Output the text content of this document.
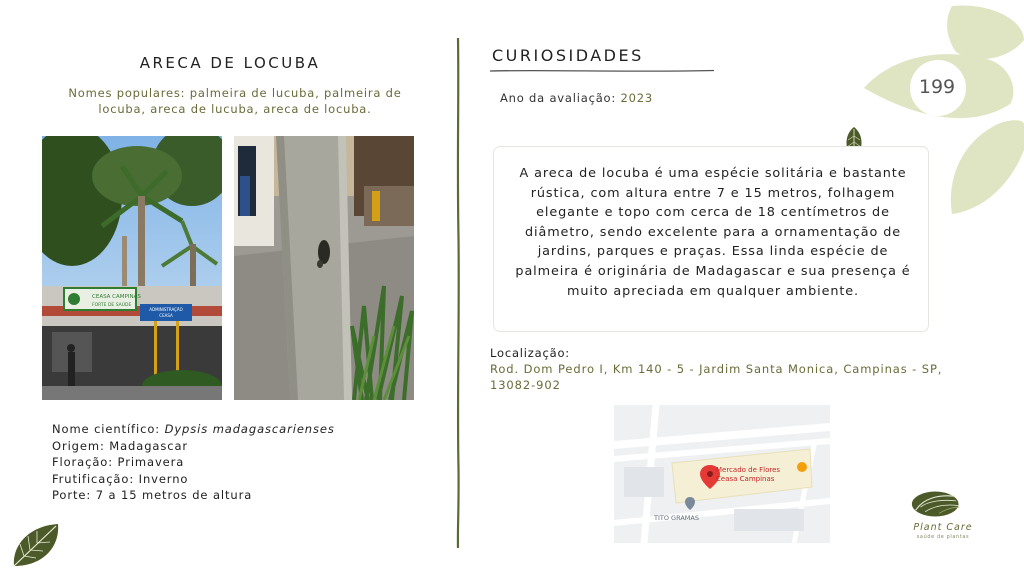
199
ARECA DE LOCUBA
Nomes populares: palmeira de lucuba, palmeira de locuba, areca de lucuba, areca de locuba.
CEASA CAMPINAS
FORTE DE SAÚDE
ADMINISTRAÇÃO
CEASA
Nome científico: Dypsis madagascarienses
Origem: Madagascar
Floração: Primavera
Frutificação: Inverno
Porte: 7 a 15 metros de altura
CURIOSIDADES
Ano da avaliação: 2023
A areca de locuba é uma espécie solitária e bastante rústica, com altura entre 7 e 15 metros, folhagem elegante e topo com cerca de 18 centímetros de diâmetro, sendo excelente para a ornamentação de jardins, parques e praças. Essa linda espécie de palmeira é originária de Madagascar e sua presença é muito apreciada em qualquer ambiente.
Localização:
Rod. Dom Pedro I, Km 140 - 5 - Jardim Santa Monica, Campinas - SP, 13082-902
Mercado de Flores
Ceasa Campinas
TITO GRAMAS
Plant Care
saúde de plantas
